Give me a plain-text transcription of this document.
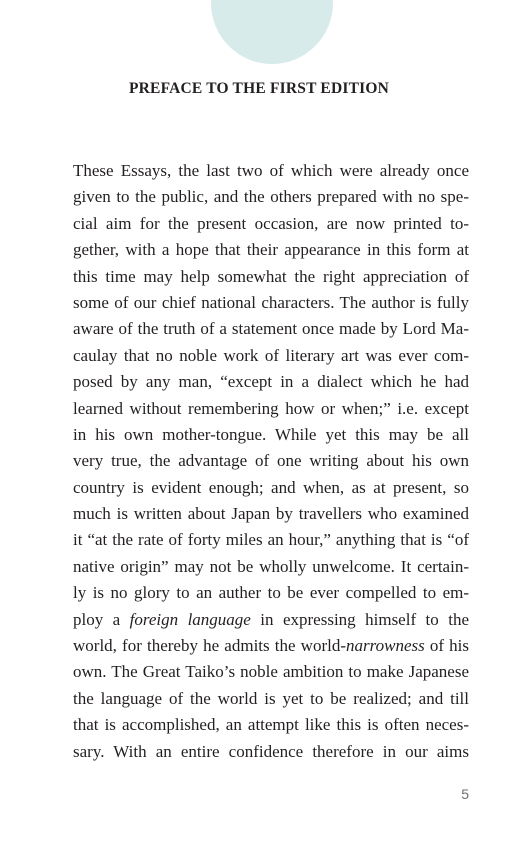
PREFACE TO THE FIRST EDITION
These Essays, the last two of which were already once
given to the public, and the others prepared with no spe-
cial aim for the present occasion, are now printed to-
gether, with a hope that their appearance in this form at
this time may help somewhat the right appreciation of
some of our chief national characters. The author is fully
aware of the truth of a statement once made by Lord Ma-
caulay that no noble work of literary art was ever com-
posed by any man, “except in a dialect which he had
learned without remembering how or when;” i.e. except
in his own mother-tongue. While yet this may be all
very true, the advantage of one writing about his own
country is evident enough; and when, as at present, so
much is written about Japan by travellers who examined
it “at the rate of forty miles an hour,” anything that is “of
native origin” may not be wholly unwelcome. It certain-
ly is no glory to an auther to be ever compelled to em-
ploy a foreign language in expressing himself to the
world, for thereby he admits the world-narrowness of his
own. The Great Taiko’s noble ambition to make Japanese
the language of the world is yet to be realized; and till
that is accomplished, an attempt like this is often neces-
sary. With an entire confidence therefore in our aims
5
